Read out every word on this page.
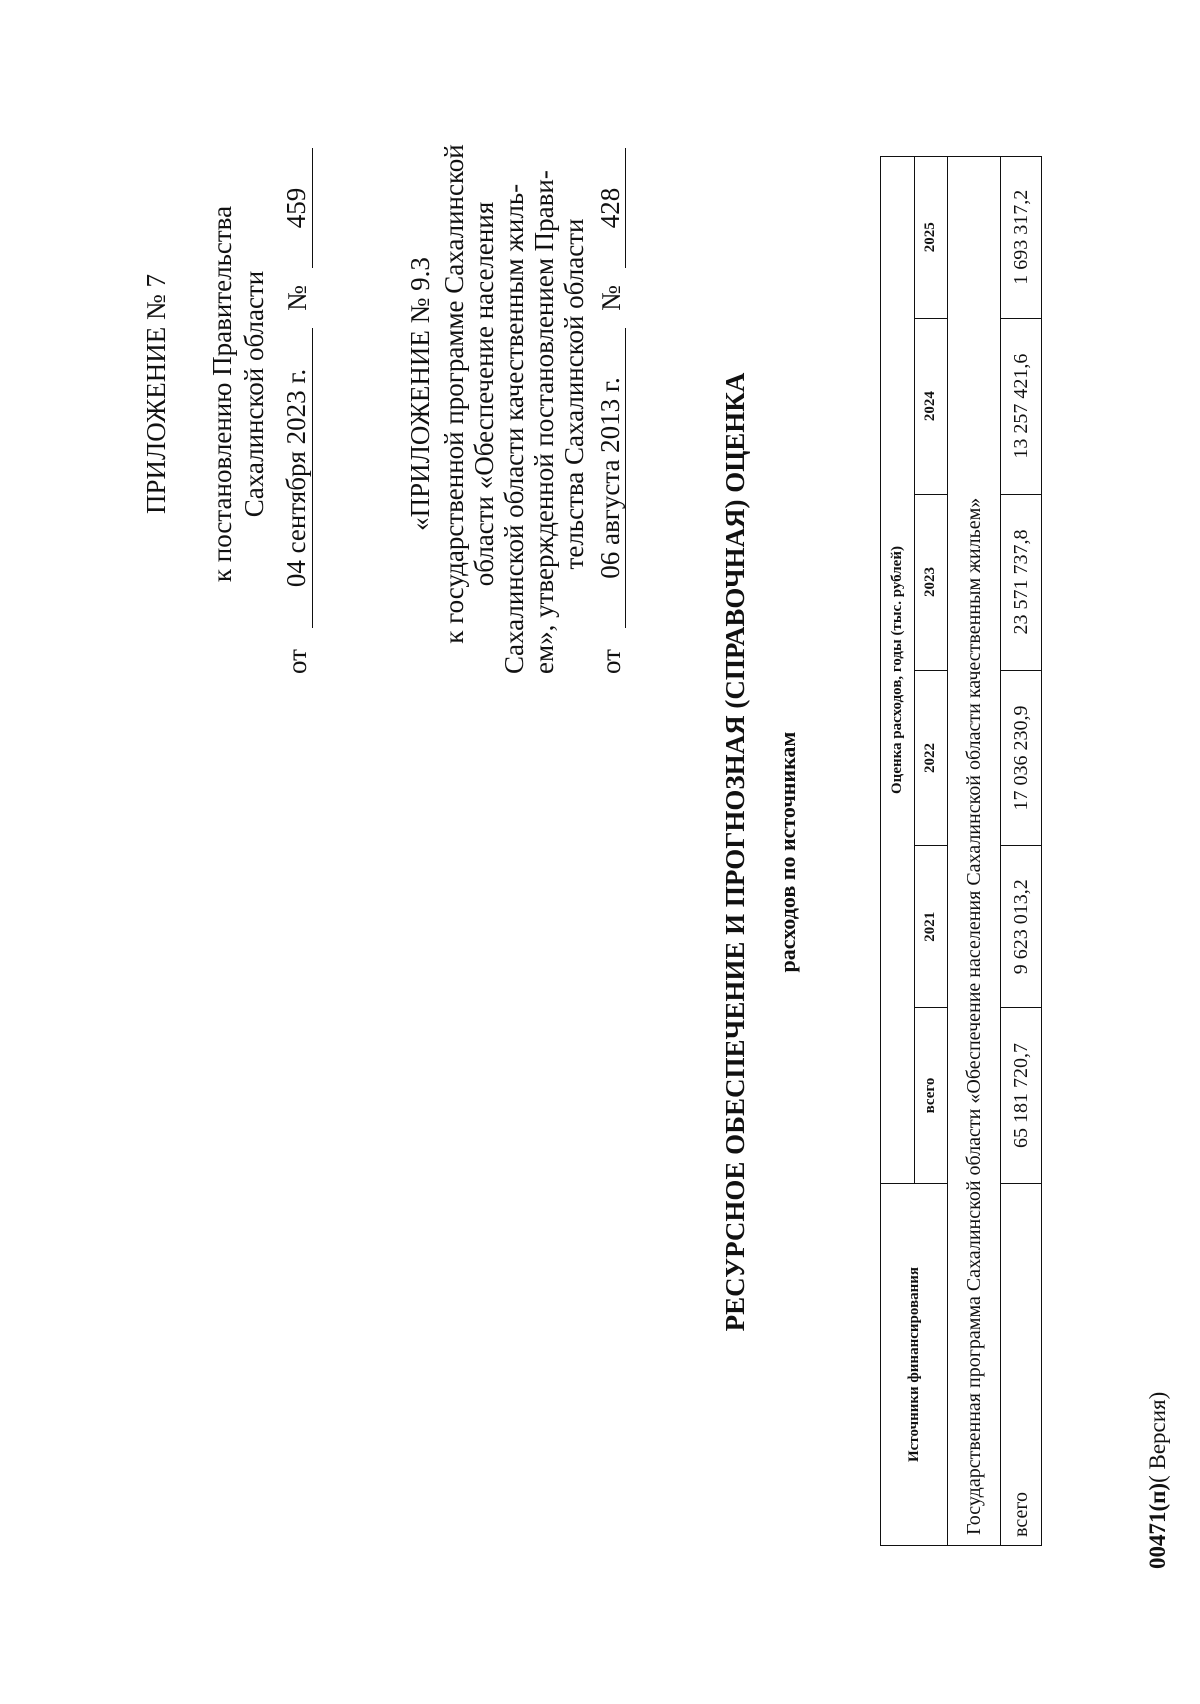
ПРИЛОЖЕНИЕ № 7 к постановлению Правительства Сахалинской области
от
04 сентября 2023 г.
№
459
«ПРИЛОЖЕНИЕ № 9.3 к государственной программе Сахалинской области «Обеспечение населения Сахалинской области качественным жиль- ем», утвержденной постановлением Прави- тельства Сахалинской области
от
06 августа 2013 г.
№
428
РЕСУРСНОЕ ОБЕСПЕЧЕНИЕ И ПРОГНОЗНАЯ (СПРАВОЧНАЯ) ОЦЕНКА расходов по источникам
Источники финансирования	Оценка расходов, годы (тыс. рублей)					
	всего	2021	2022	2023	2024	2025
Государственная программа Сахалинской области «Обеспечение населения Сахалинской области качественным жильем»						
всего	65 181 720,7	9 623 013,2	17 036 230,9	23 571 737,8	13 257 421,6	1 693 317,2
00471(п)( Версия)
